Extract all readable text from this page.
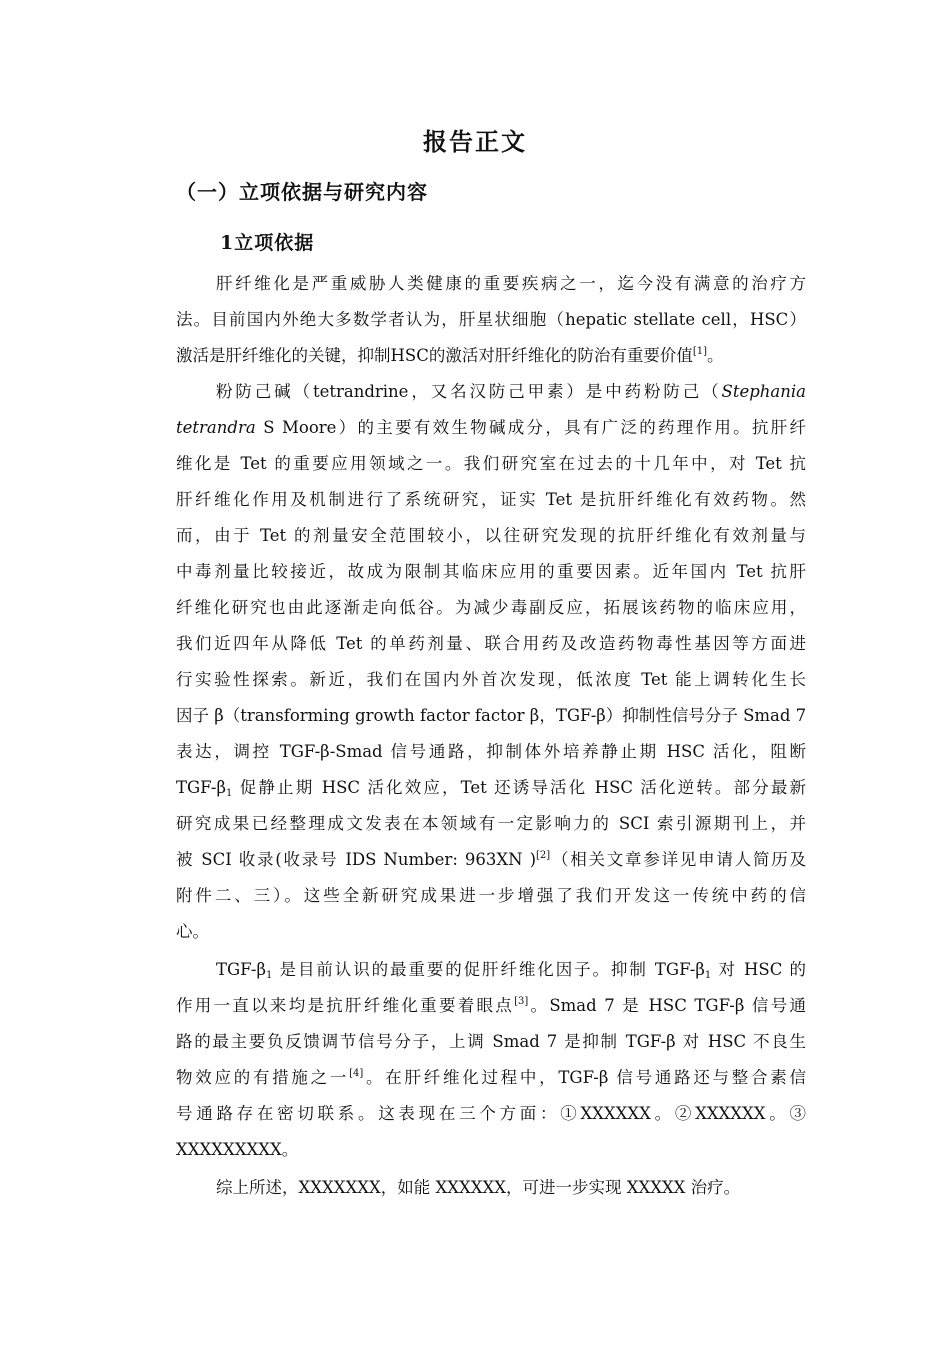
报告正文
（一）立项依据与研究内容
1立项依据
肝纤维化是严重威胁人类健康的重要疾病之一，迄今没有满意的治疗方
法。目前国内外绝大多数学者认为，肝星状细胞（hepatic stellate cell，HSC）
激活是肝纤维化的关键，抑制HSC的激活对肝纤维化的防治有重要价值[1]。
粉防己碱（tetrandrine，又名汉防己甲素）是中药粉防己（Stephania
tetrandra S Moore）的主要有效生物碱成分，具有广泛的药理作用。抗肝纤
维化是 Tet 的重要应用领域之一。我们研究室在过去的十几年中，对 Tet 抗
肝纤维化作用及机制进行了系统研究，证实 Tet 是抗肝纤维化有效药物。然
而，由于 Tet 的剂量安全范围较小，以往研究发现的抗肝纤维化有效剂量与
中毒剂量比较接近，故成为限制其临床应用的重要因素。近年国内 Tet 抗肝
纤维化研究也由此逐渐走向低谷。为减少毒副反应，拓展该药物的临床应用，
我们近四年从降低 Tet 的单药剂量、联合用药及改造药物毒性基因等方面进
行实验性探索。新近，我们在国内外首次发现，低浓度 Tet 能上调转化生长
因子 β（transforming growth factor factor β，TGF-β）抑制性信号分子 Smad 7
表达，调控 TGF-β-Smad 信号通路，抑制体外培养静止期 HSC 活化，阻断
TGF-$\beta_1$ 促静止期 HSC 活化效应，Tet 还诱导活化 HSC 活化逆转。部分最新
研究成果已经整理成文发表在本领域有一定影响力的 SCI 索引源期刊上，并
被 SCI 收录(收录号 IDS Number: 963XN )[2]（相关文章参详见申请人简历及
附件二、三）。这些全新研究成果进一步增强了我们开发这一传统中药的信
心。
TGF-$\beta_1$ 是目前认识的最重要的促肝纤维化因子。抑制 TGF-$\beta_1$ 对 HSC 的
作用一直以来均是抗肝纤维化重要着眼点[3]。Smad 7 是 HSC TGF-β 信号通
路的最主要负反馈调节信号分子，上调 Smad 7 是抑制 TGF-β 对 HSC 不良生
物效应的有措施之一[4]。在肝纤维化过程中，TGF-β 信号通路还与整合素信
号通路存在密切联系。这表现在三个方面：①XXXXXX。②XXXXXX。③
XXXXXXXXX。
综上所述，XXXXXXX，如能 XXXXXX，可进一步实现 XXXXX 治疗。
